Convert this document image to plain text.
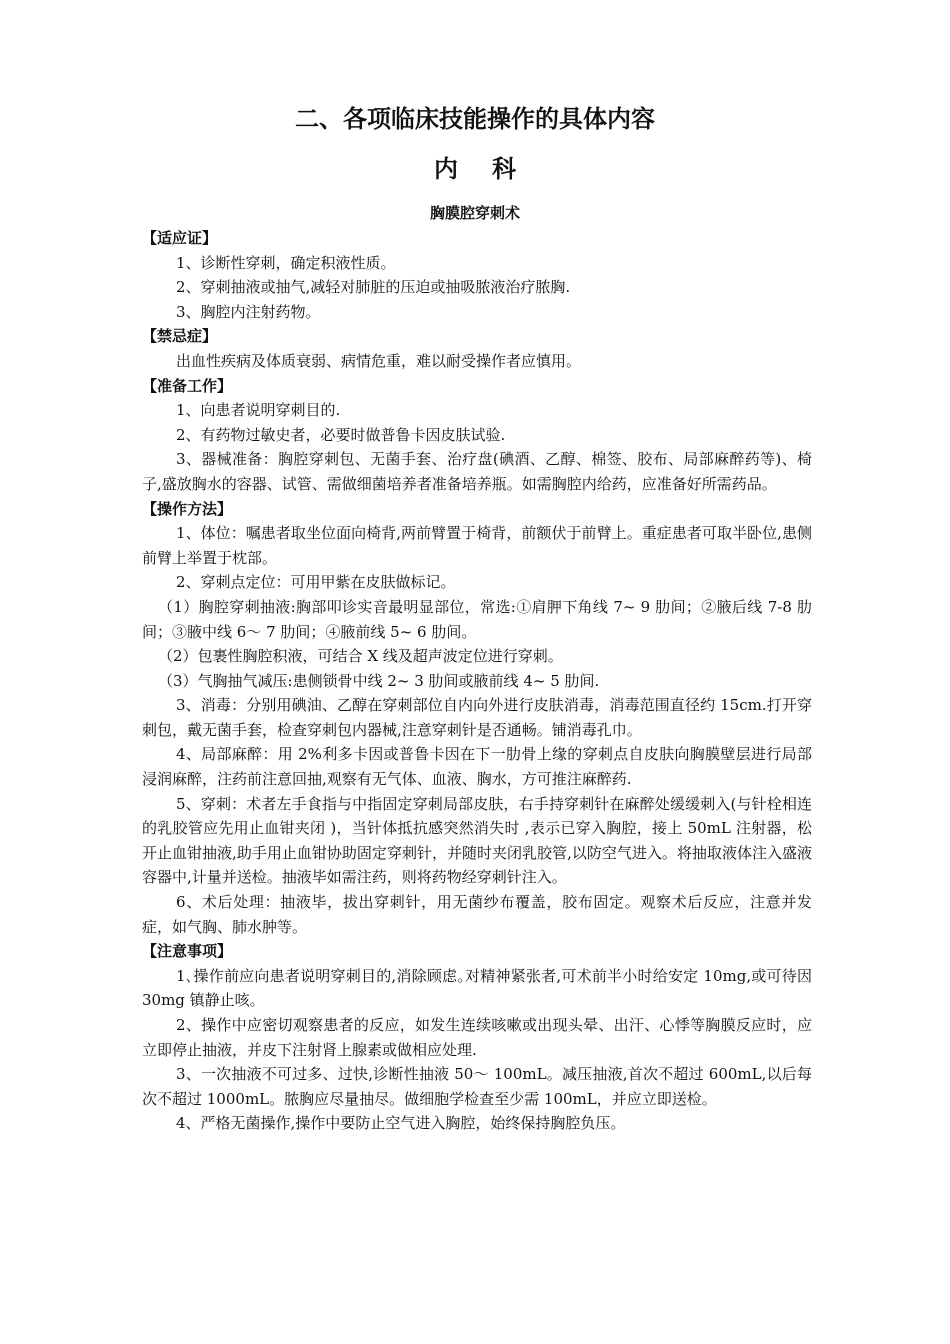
二、各项临床技能操作的具体内容
内科
胸膜腔穿刺术

【适应证】

1、诊断性穿刺，确定积液性质。

2、穿刺抽液或抽气,减轻对肺脏的压迫或抽吸脓液治疗脓胸.

3、胸腔内注射药物。

【禁忌症】

出血性疾病及体质衰弱、病情危重，难以耐受操作者应慎用。

【准备工作】

1、向患者说明穿刺目的.

2、有药物过敏史者，必要时做普鲁卡因皮肤试验.

3、器械准备：胸腔穿刺包、无菌手套、治疗盘(碘酒、乙醇、棉签、胶布、局部麻醉药等)、椅子,盛放胸水的容器、试管、需做细菌培养者准备培养瓶。如需胸腔内给药，应准备好所需药品。

【操作方法】

1、体位：嘱患者取坐位面向椅背,两前臂置于椅背，前额伏于前臂上。重症患者可取半卧位,患侧前臂上举置于枕部。

2、穿刺点定位：可用甲紫在皮肤做标记。

（1）胸腔穿刺抽液:胸部叩诊实音最明显部位，常选:①肩胛下角线 7~ 9 肋间；②腋后线 7-8 肋间；③腋中线 6～ 7 肋间；④腋前线 5~ 6 肋间。

（2）包裹性胸腔积液，可结合 X 线及超声波定位进行穿刺。

（3）气胸抽气减压:患侧锁骨中线 2~ 3 肋间或腋前线 4~ 5 肋间.

3、消毒：分别用碘油、乙醇在穿刺部位自内向外进行皮肤消毒，消毒范围直径约 15cm.打开穿刺包，戴无菌手套，检查穿刺包内器械,注意穿刺针是否通畅。铺消毒孔巾。

4、局部麻醉：用 2%利多卡因或普鲁卡因在下一肋骨上缘的穿刺点自皮肤向胸膜壁层进行局部浸润麻醉，注药前注意回抽,观察有无气体、血液、胸水，方可推注麻醉药.

5、穿刺：术者左手食指与中指固定穿刺局部皮肤，右手持穿刺针在麻醉处缓缓刺入(与针栓相连的乳胶管应先用止血钳夹闭 )，当针体抵抗感突然消失时 ,表示已穿入胸腔，接上 50mL 注射器，松开止血钳抽液,助手用止血钳协助固定穿刺针，并随时夹闭乳胶管,以防空气进入。将抽取液体注入盛液容器中,计量并送检。抽液毕如需注药，则将药物经穿刺针注入。

6、术后处理：抽液毕，拔出穿刺针，用无菌纱布覆盖，胶布固定。观察术后反应，注意并发症，如气胸、肺水肿等。

【注意事项】

1､操作前应向患者说明穿刺目的,消除顾虑｡对精神紧张者,可术前半小时给安定 10mg,或可待因 30mg 镇静止咳。

2、操作中应密切观察患者的反应，如发生连续咳嗽或出现头晕、出汗、心悸等胸膜反应时，应立即停止抽液，并皮下注射肾上腺素或做相应处理.

3、一次抽液不可过多、过快,诊断性抽液 50～ 100mL。减压抽液,首次不超过 600mL,以后每次不超过 1000mL。脓胸应尽量抽尽。做细胞学检查至少需 100mL，并应立即送检。

4、严格无菌操作,操作中要防止空气进入胸腔，始终保持胸腔负压。
